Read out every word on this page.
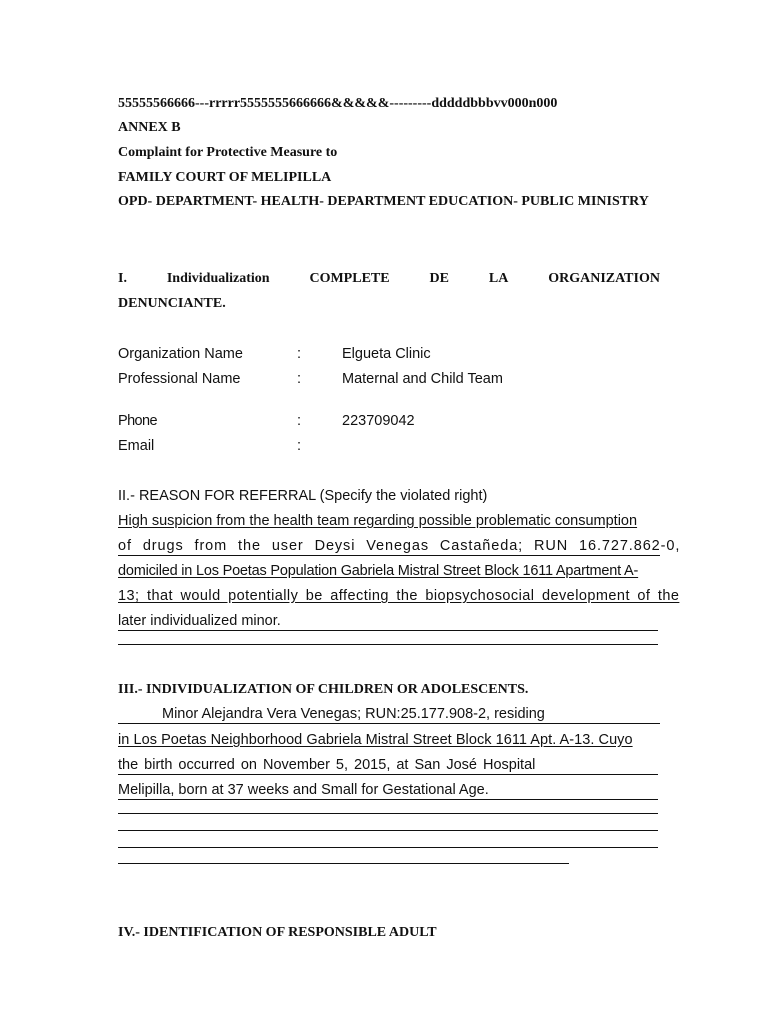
55555566666---rrrrr5555555666666&&&&&---------dddddbbbvv000n000
ANNEX B
Complaint for Protective Measure to
FAMILY COURT OF MELIPILLA
OPD- DEPARTMENT- HEALTH- DEPARTMENT EDUCATION- PUBLIC MINISTRY
I.	Individualization	COMPLETE	DE	LA	ORGANIZATION
DENUNCIANTE.
Organization Name	:	Elgueta Clinic
Professional Name	:	Maternal and Child Team
Phone	:	223709042
Email	:
II.- REASON FOR REFERRAL (Specify the violated right)
High suspicion from the health team regarding possible problematic consumption
of drugs from the user Deysi Venegas Castañeda; RUN 16.727.862-0,
domiciled in Los Poetas Population Gabriela Mistral Street Block 1611 Apartment A-
13; that would potentially be affecting the biopsychosocial development of the
later individualized minor.
III.- INDIVIDUALIZATION OF CHILDREN OR ADOLESCENTS.
Minor Alejandra Vera Venegas; RUN:25.177.908-2, residing
in Los Poetas Neighborhood Gabriela Mistral Street Block 1611 Apt. A-13. Cuyo
the birth occurred on November 5, 2015, at San José Hospital
Melipilla, born at 37 weeks and Small for Gestational Age.
IV.- IDENTIFICATION OF RESPONSIBLE ADULT
